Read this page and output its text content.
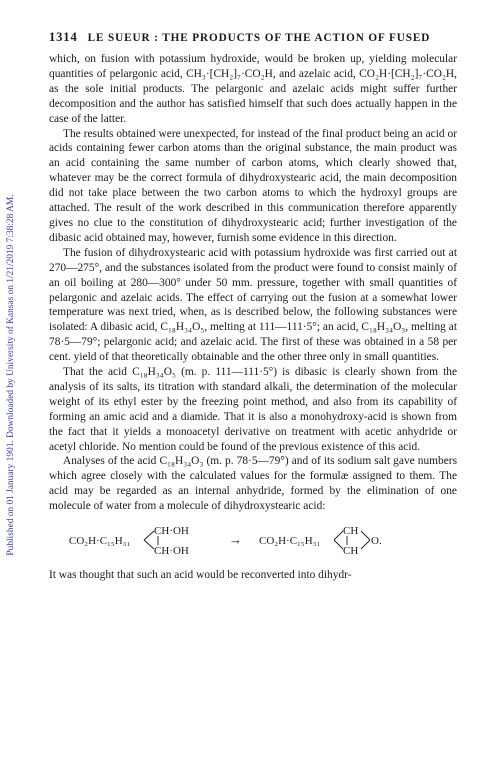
Published on 01 January 1901. Downloaded by University of Kansas on 1/21/2019 7:38:28 AM.
1314 LE SUEUR : THE PRODUCTS OF THE ACTION OF FUSED

which, on fusion with potassium hydroxide, would be broken up, yielding molecular quantities of pelargonic acid, CH₃·[CH₂]₇·CO₂H, and azelaic acid, CO₂H·[CH₂]₇·CO₂H, as the sole initial products. The pelargonic and azelaic acids might suffer further decomposition and the author has satisfied himself that such does actually happen in the case of the latter.

The results obtained were unexpected, for instead of the final product being an acid or acids containing fewer carbon atoms than the original substance, the main product was an acid containing the same number of carbon atoms, which clearly showed that, whatever may be the correct formula of dihydroxystearic acid, the main decomposition did not take place between the two carbon atoms to which the hydroxyl groups are attached. The result of the work described in this communication therefore apparently gives no clue to the constitution of dihydroxystearic acid; further investigation of the dibasic acid obtained may, however, furnish some evidence in this direction.

The fusion of dihydroxystearic acid with potassium hydroxide was first carried out at 270—275°, and the substances isolated from the product were found to consist mainly of an oil boiling at 280—300° under 50 mm. pressure, together with small quantities of pelargonic and azelaic acids. The effect of carrying out the fusion at a somewhat lower temperature was next tried, when, as is described below, the following substances were isolated: A dibasic acid, C₁₈H₃₄O₅, melting at 111—111·5°; an acid, C₁₈H₃₄O₃, melting at 78·5—79°; pelargonic acid; and azelaic acid. The first of these was obtained in a 58 per cent. yield of that theoretically obtainable and the other three only in small quantities.

That the acid C₁₈H₃₄O₅ (m. p. 111—111·5°) is dibasic is clearly shown from the analysis of its salts, its titration with standard alkali, the determination of the molecular weight of its ethyl ester by the freezing point method, and also from its capability of forming an amic acid and a diamide. That it is also a monohydroxy-acid is shown from the fact that it yields a monoacetyl derivative on treatment with acetic anhydride or acetyl chloride. No mention could be found of the previous existence of this acid.

Analyses of the acid C₁₈H₃₄O₃ (m. p. 78·5—79°) and of its sodium salt gave numbers which agree closely with the calculated values for the formulæ assigned to them. The acid may be regarded as an internal anhydride, formed by the elimination of one molecule of water from a molecule of dihydroxystearic acid:

CO₂H·C₁₅H₃₁
CH·OH
CH·OH
→ CO₂H·C₁₅H₃₁
CH
CH
O.

It was thought that such an acid would be reconverted into dihydr-
